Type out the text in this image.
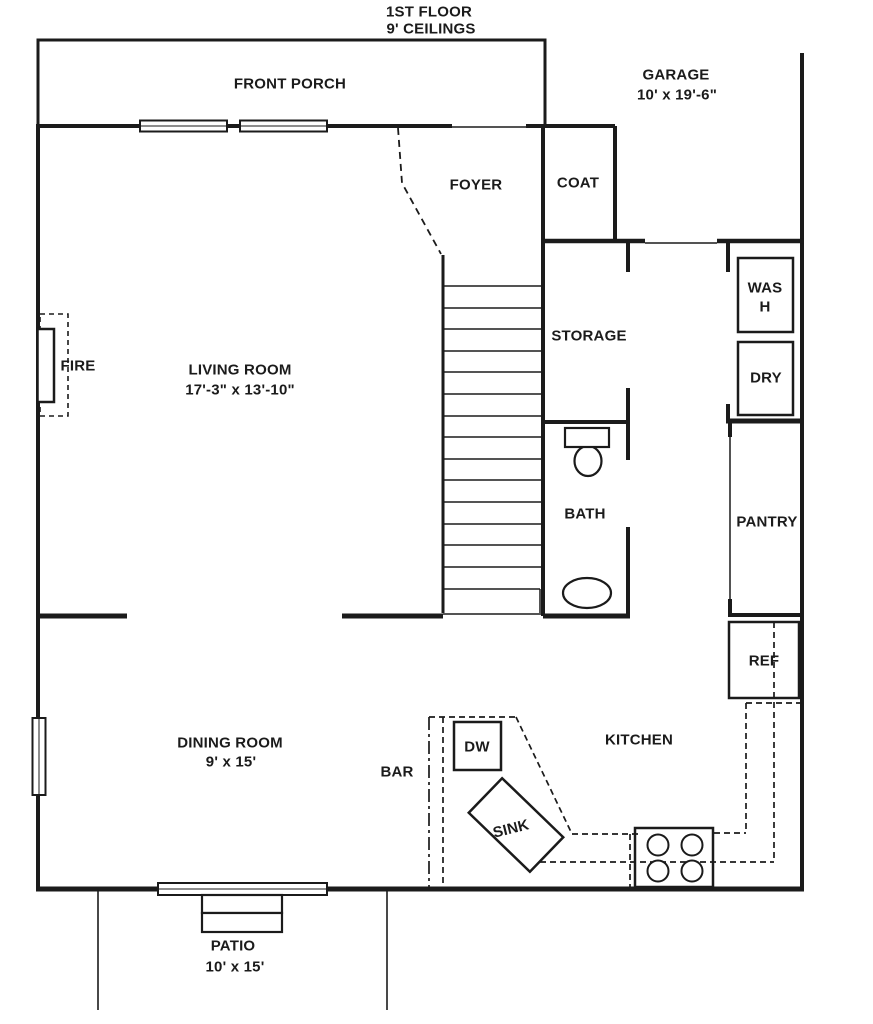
1ST FLOOR
9' CEILINGS
FRONT PORCH
GARAGE
10' x 19'-6"
FOYER	COAT
STORAGE
WAS
H
DRY
FIRE	LIVING ROOM
17'-3" x 13'-10"
BATH	PANTRY
REF
DINING ROOM
9' x 15'
BAR
DW
SINK
KITCHEN
PATIO
10' x 15'
